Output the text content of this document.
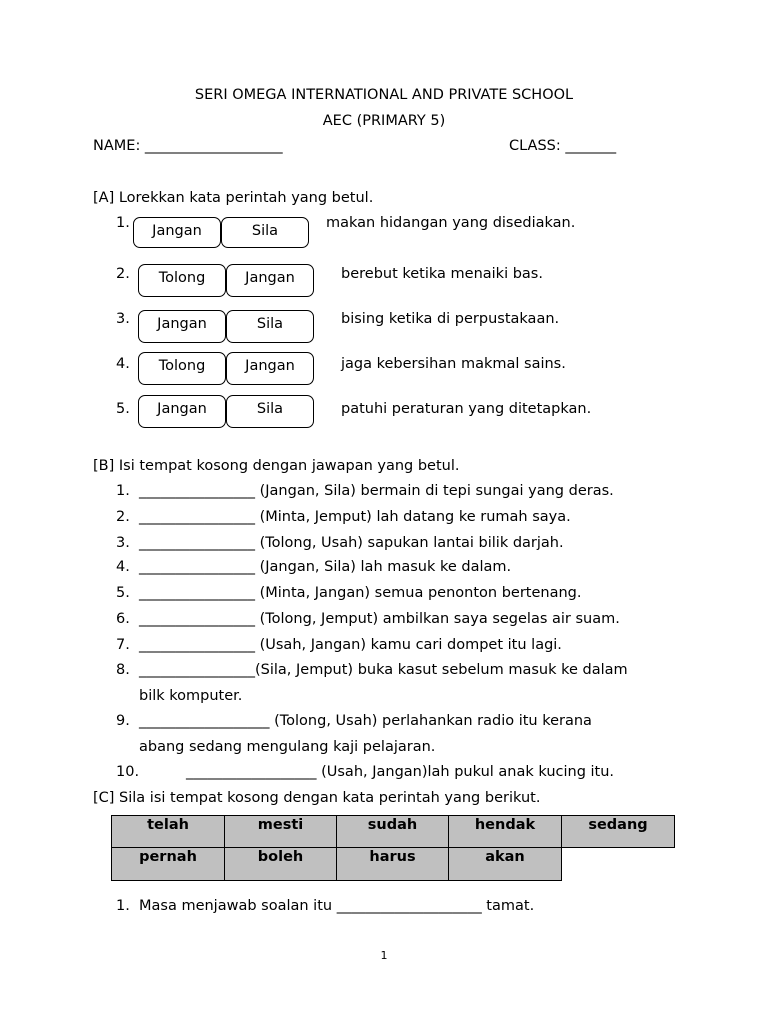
SERI OMEGA INTERNATIONAL AND PRIVATE SCHOOL
AEC (PRIMARY 5)
NAME: ___________________	CLASS: _______
[A] Lorekkan kata perintah yang betul.
1.	Jangan	Sila	makan hidangan yang disediakan.
2.	Tolong	Jangan	berebut ketika menaiki bas.
3.	Jangan	Sila	bising ketika di perpustakaan.
4.	Tolong	Jangan	jaga kebersihan makmal sains.
5.	Jangan	Sila	patuhi peraturan yang ditetapkan.
[B] Isi tempat kosong dengan jawapan yang betul.
1. ________________ (Jangan, Sila) bermain di tepi sungai yang deras.
2. ________________ (Minta, Jemput) lah datang ke rumah saya.
3. ________________ (Tolong, Usah) sapukan lantai bilik darjah.
4. ________________ (Jangan, Sila) lah masuk ke dalam.
5. ________________ (Minta, Jangan) semua penonton bertenang.
6. ________________ (Tolong, Jemput) ambilkan saya segelas air suam.
7. ________________ (Usah, Jangan) kamu cari dompet itu lagi.
8. ________________(Sila, Jemput) buka kasut sebelum masuk ke dalam
bilk komputer.
9. __________________ (Tolong, Usah) perlahankan radio itu kerana
abang sedang mengulang kaji pelajaran.
10.	__________________ (Usah, Jangan)lah pukul anak kucing itu.
[C] Sila isi tempat kosong dengan kata perintah yang berikut.
telah	mesti	sudah	hendak	sedang
pernah	boleh	harus	akan
1. Masa menjawab soalan itu ____________________ tamat.
1
